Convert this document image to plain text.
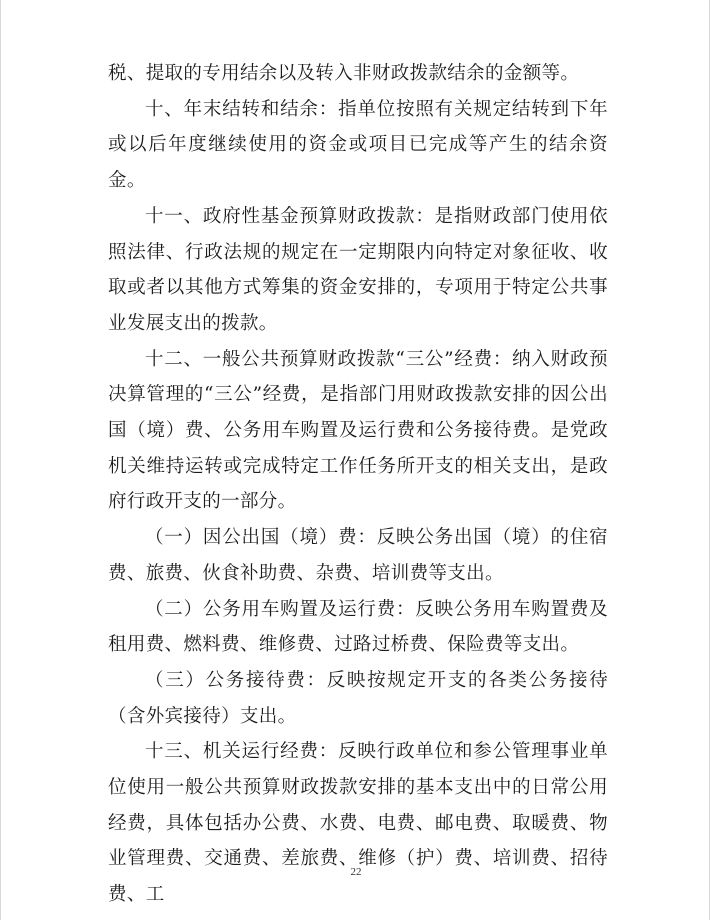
税、提取的专用结余以及转入非财政拨款结余的金额等。

十、年末结转和结余：指单位按照有关规定结转到下年或以后年度继续使用的资金或项目已完成等产生的结余资金。

十一、政府性基金预算财政拨款：是指财政部门使用依照法律、行政法规的规定在一定期限内向特定对象征收、收取或者以其他方式筹集的资金安排的，专项用于特定公共事业发展支出的拨款。

十二、一般公共预算财政拨款“三公”经费：纳入财政预决算管理的“三公”经费，是指部门用财政拨款安排的因公出国（境）费、公务用车购置及运行费和公务接待费。是党政机关维持运转或完成特定工作任务所开支的相关支出，是政府行政开支的一部分。

（一）因公出国（境）费：反映公务出国（境）的住宿费、旅费、伙食补助费、杂费、培训费等支出。

（二）公务用车购置及运行费：反映公务用车购置费及租用费、燃料费、维修费、过路过桥费、保险费等支出。

（三）公务接待费：反映按规定开支的各类公务接待（含外宾接待）支出。

十三、机关运行经费：反映行政单位和参公管理事业单位使用一般公共预算财政拨款安排的基本支出中的日常公用经费，具体包括办公费、水费、电费、邮电费、取暖费、物业管理费、交通费、差旅费、维修（护）费、培训费、招待费、工

22
